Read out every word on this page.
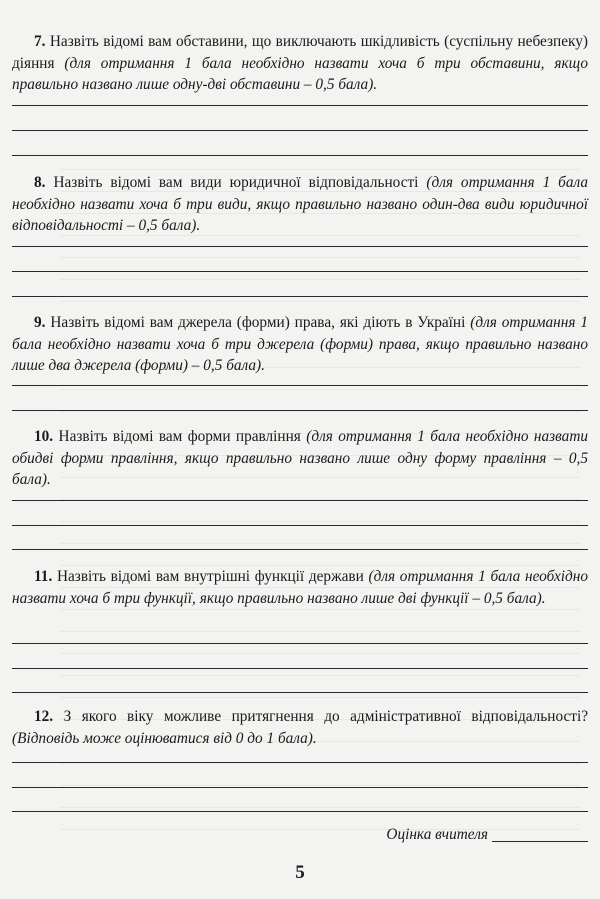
7. Назвіть відомі вам обставини, що виключають шкідливість (суспільну небезпеку) діяння (для отримання 1 бала необхідно назвати хоча б три обставини, якщо правильно названо лише одну-дві обставини – 0,5 бала).
8. Назвіть відомі вам види юридичної відповідальності (для отримання 1 бала необхідно назвати хоча б три види, якщо правильно названо один-два види юридичної відповідальності – 0,5 бала).
9. Назвіть відомі вам джерела (форми) права, які діють в Україні (для отримання 1 бала необхідно назвати хоча б три джерела (форми) права, якщо правильно названо лише два джерела (форми) – 0,5 бала).
10. Назвіть відомі вам форми правління (для отримання 1 бала необхідно назвати обидві форми правління, якщо правильно названо лише одну форму правління – 0,5 бала).
11. Назвіть відомі вам внутрішні функції держави (для отримання 1 бала необхідно назвати хоча б три функції, якщо правильно названо лише дві функції – 0,5 бала).
12. З якого віку можливе притягнення до адміністративної відповідальності? (Відповідь може оцінюватися від 0 до 1 бала).
Оцінка вчителя
5
